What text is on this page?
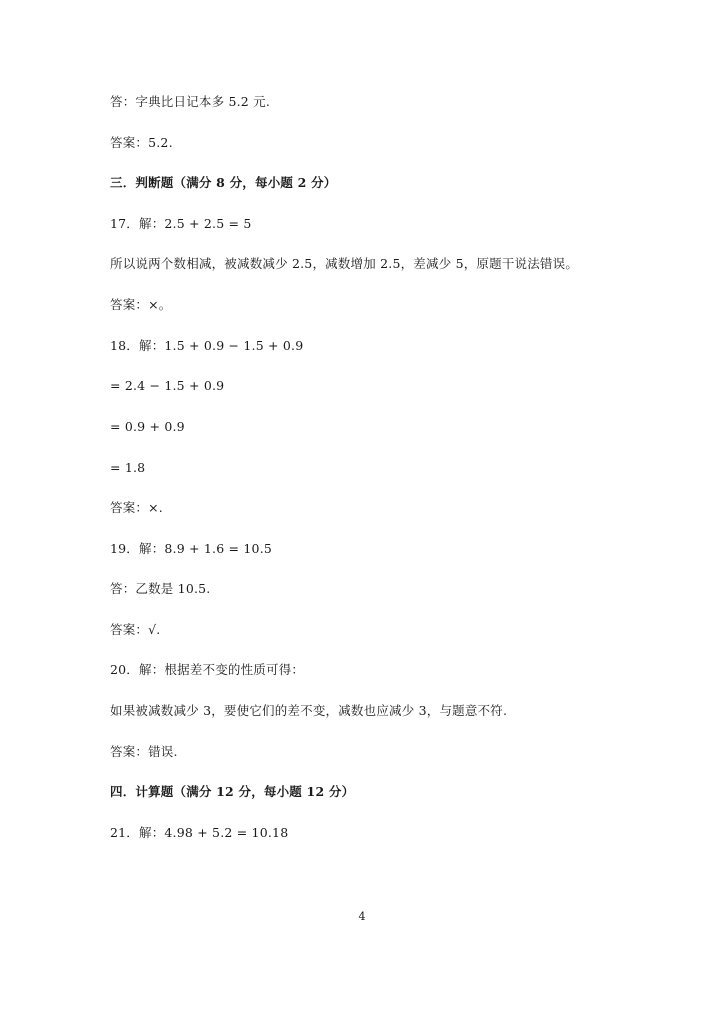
答：字典比日记本多 5.2 元.
答案：5.2.
三．判断题（满分 8 分，每小题 2 分）
17．解：2.5 + 2.5 = 5
所以说两个数相减，被减数减少 2.5，减数增加 2.5，差减少 5，原题干说法错误。
答案：×。
18．解：1.5 + 0.9 − 1.5 + 0.9
= 2.4 − 1.5 + 0.9
= 0.9 + 0.9
= 1.8
答案：×.
19．解：8.9 + 1.6 = 10.5
答：乙数是 10.5.
答案：√.
20．解：根据差不变的性质可得：
如果被减数减少 3，要使它们的差不变，减数也应减少 3，与题意不符.
答案：错误.
四．计算题（满分 12 分，每小题 12 分）
21．解：4.98 + 5.2 = 10.18
4
